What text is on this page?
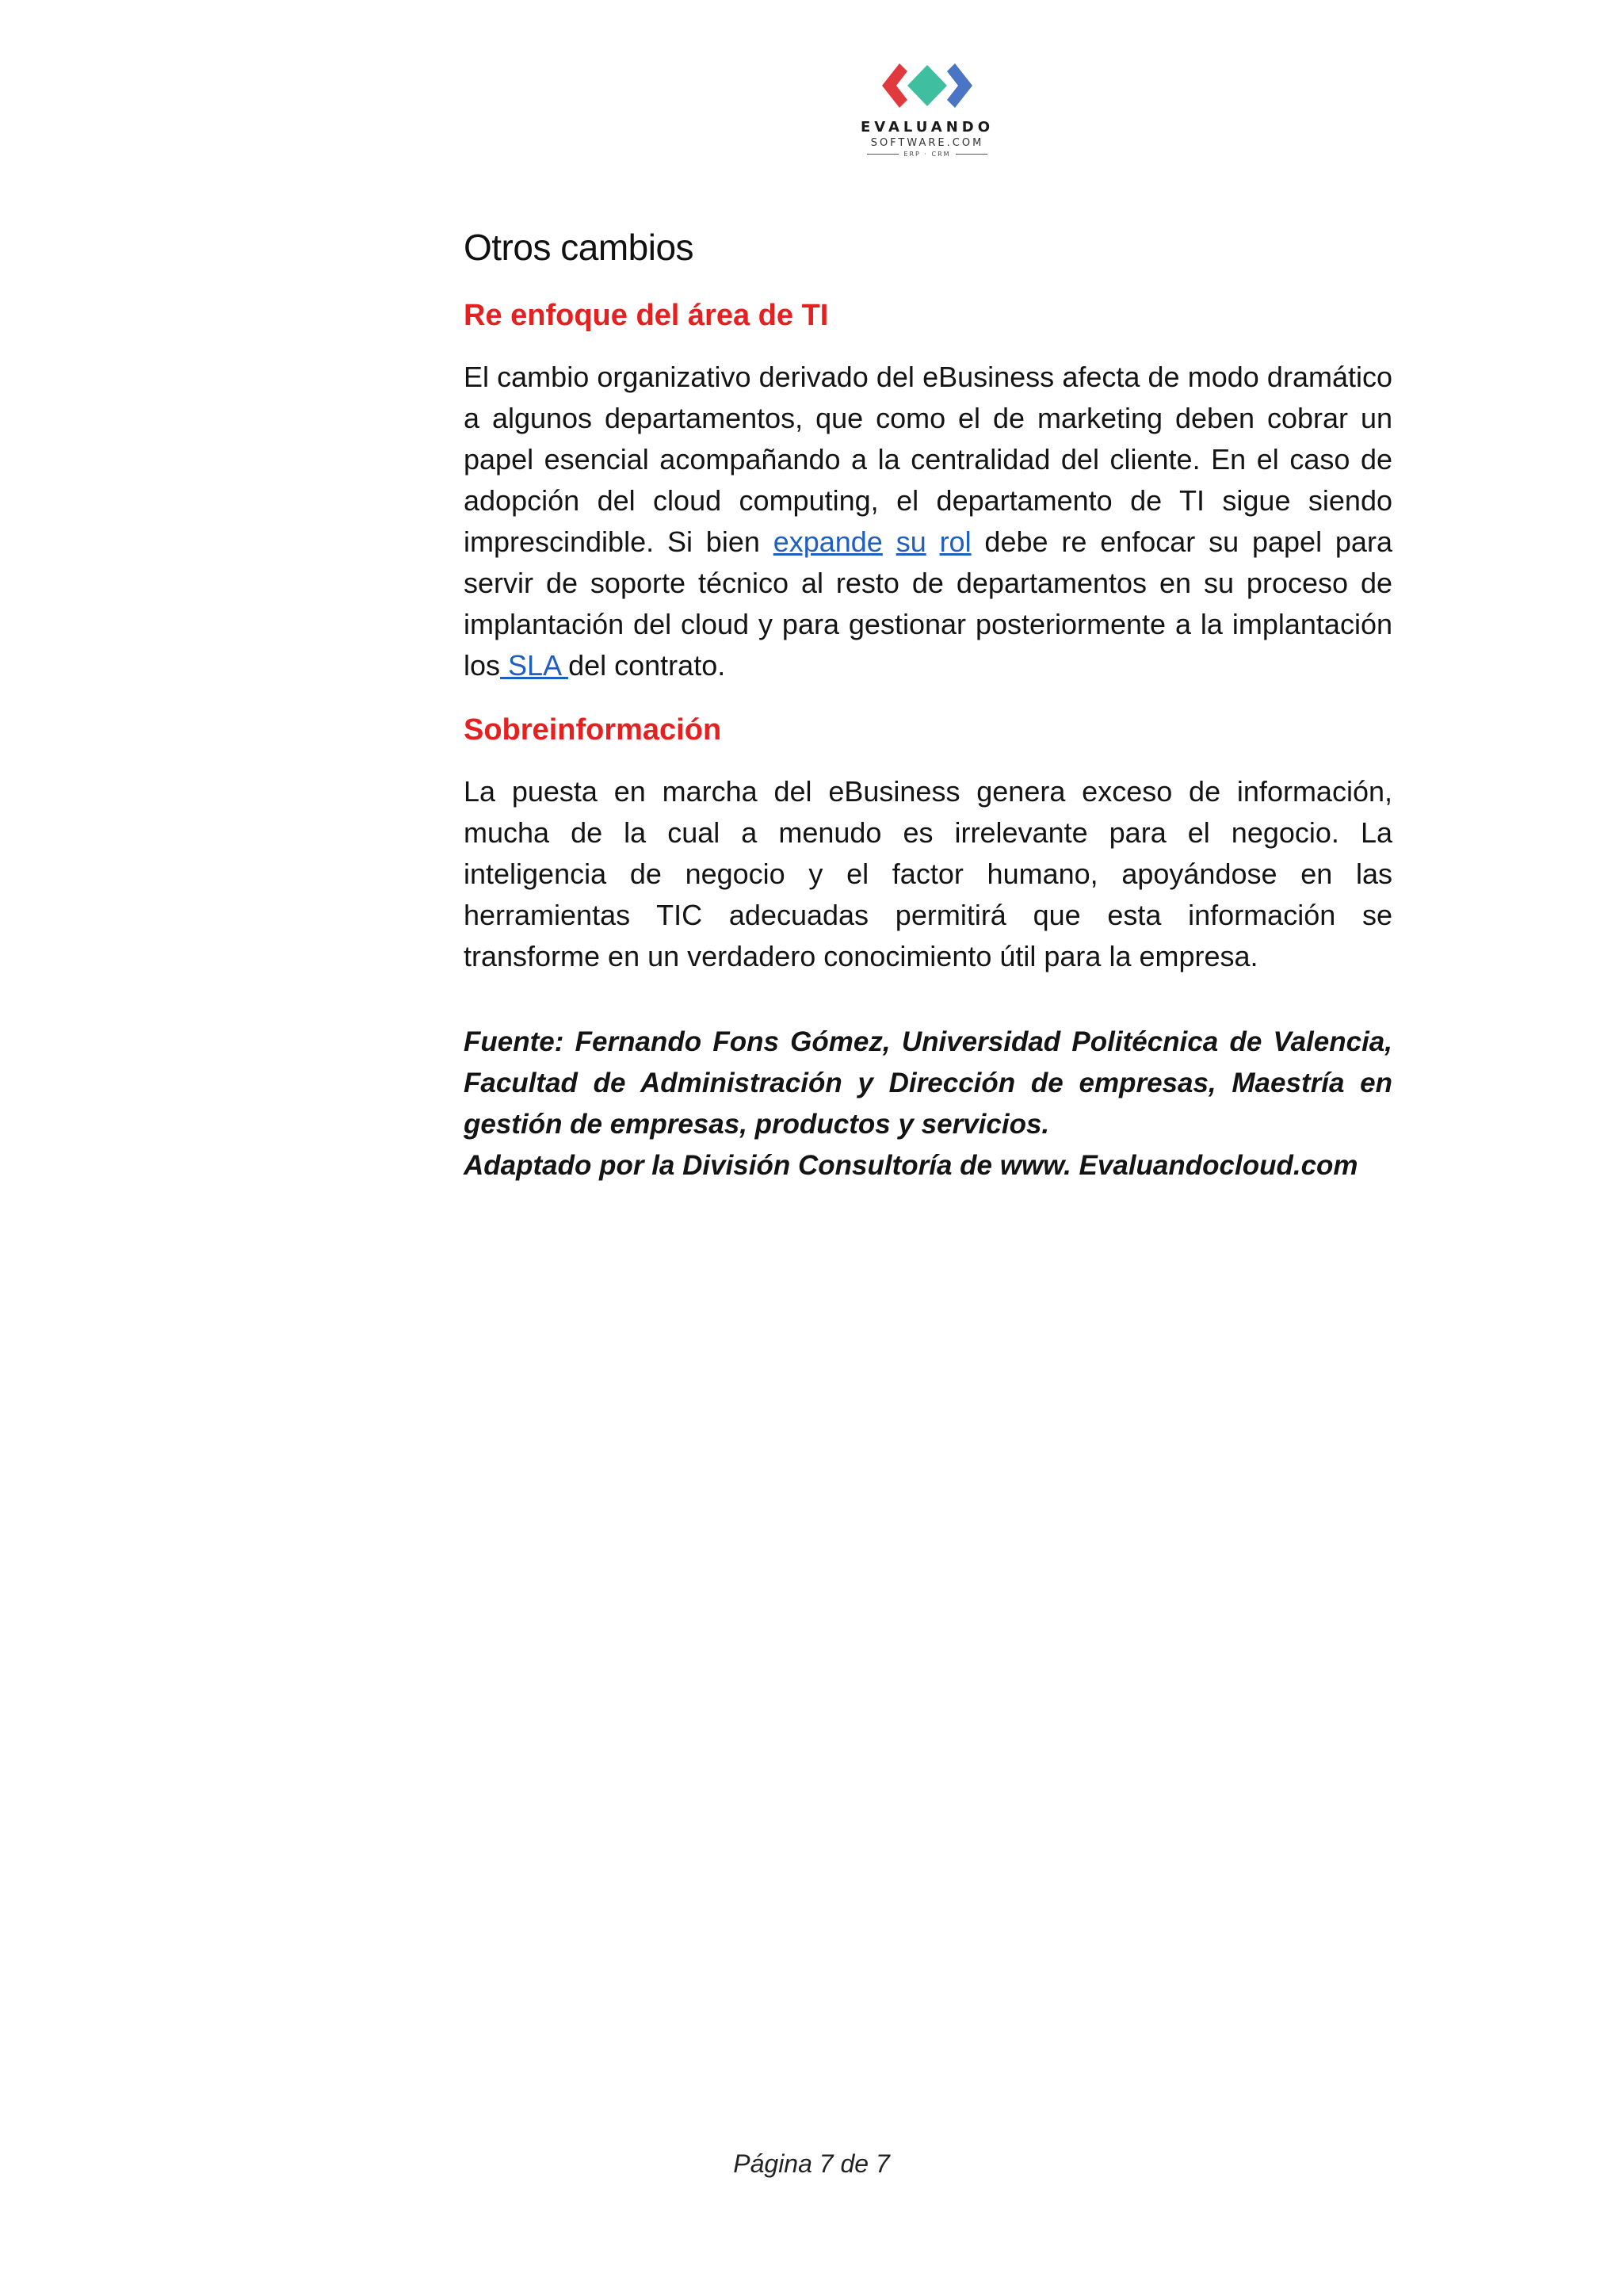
EVALUANDO
SOFTWARE.COM
ERP · CRM
Otros cambios
Re enfoque del área de TI

El cambio organizativo derivado del eBusiness afecta de modo dramático a algunos departamentos, que como el de marketing deben cobrar un papel esencial acompañando a la centralidad del cliente. En el caso de adopción del cloud computing, el departamento de TI sigue siendo imprescindible. Si bien expande su rol debe re enfocar su papel para servir de soporte técnico al resto de departamentos en su proceso de implantación del cloud y para gestionar posteriormente a la implantación los SLA del contrato.

Sobreinformación

La puesta en marcha del eBusiness genera exceso de información, mucha de la cual a menudo es irrelevante para el negocio. La inteligencia de negocio y el factor humano, apoyándose en las herramientas TIC adecuadas permitirá que esta información se transforme en un verdadero conocimiento útil para la empresa.

Fuente: Fernando Fons Gómez, Universidad Politécnica de Valencia, Facultad de Administración y Dirección de empresas, Maestría en gestión de empresas, productos y servicios.
Adaptado por la División Consultoría de www. Evaluandocloud.com
Página 7 de 7
